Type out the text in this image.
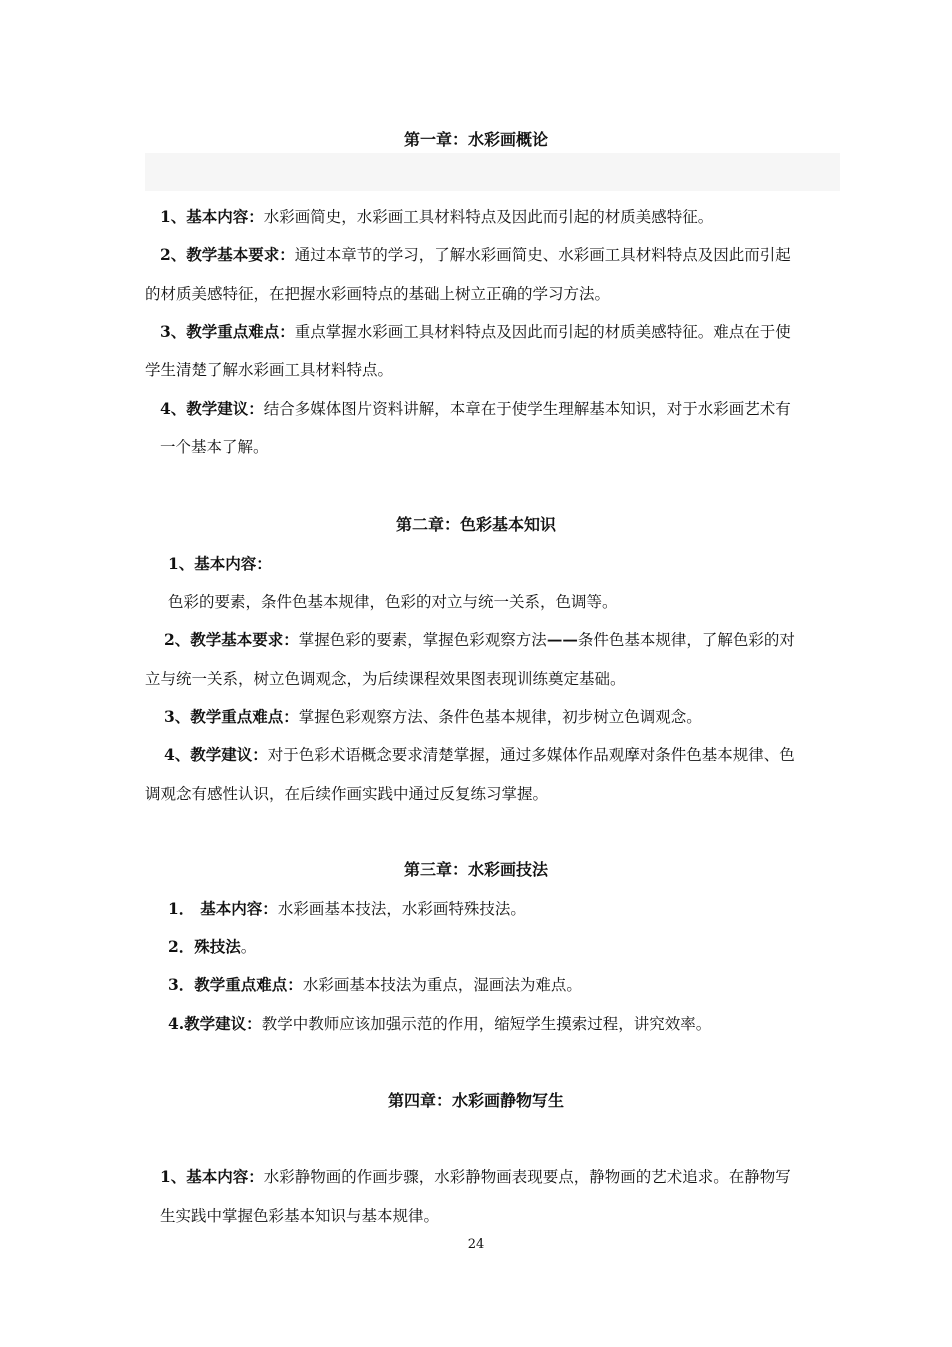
第一章：水彩画概论
1、基本内容：水彩画简史，水彩画工具材料特点及因此而引起的材质美感特征。
2、教学基本要求：通过本章节的学习，了解水彩画简史、水彩画工具材料特点及因此而引起
的材质美感特征，在把握水彩画特点的基础上树立正确的学习方法。
3、教学重点难点：重点掌握水彩画工具材料特点及因此而引起的材质美感特征。难点在于使
学生清楚了解水彩画工具材料特点。
4、教学建议：结合多媒体图片资料讲解，本章在于使学生理解基本知识，对于水彩画艺术有
一个基本了解。
第二章：色彩基本知识
1、基本内容：
色彩的要素，条件色基本规律，色彩的对立与统一关系，色调等。
2、教学基本要求：掌握色彩的要素，掌握色彩观察方法——条件色基本规律，了解色彩的对
立与统一关系，树立色调观念，为后续课程效果图表现训练奠定基础。
3、教学重点难点：掌握色彩观察方法、条件色基本规律，初步树立色调观念。
4、教学建议：对于色彩术语概念要求清楚掌握，通过多媒体作品观摩对条件色基本规律、色
调观念有感性认识，在后续作画实践中通过反复练习掌握。
第三章：水彩画技法
1． 基本内容：水彩画基本技法，水彩画特殊技法。
2．殊技法。
3．教学重点难点：水彩画基本技法为重点，湿画法为难点。
4.教学建议：教学中教师应该加强示范的作用，缩短学生摸索过程，讲究效率。
第四章：水彩画静物写生
1、基本内容：水彩静物画的作画步骤，水彩静物画表现要点，静物画的艺术追求。在静物写
生实践中掌握色彩基本知识与基本规律。
24
